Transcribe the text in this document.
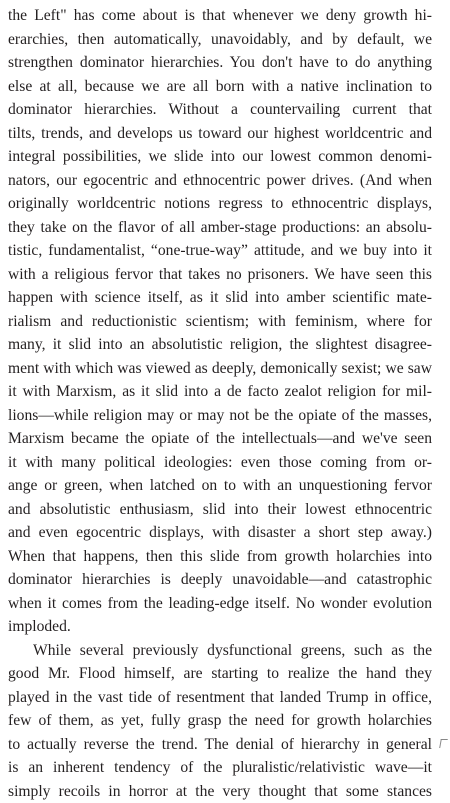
the Left" has come about is that whenever we deny growth hi-
erarchies, then automatically, unavoidably, and by default, we
strengthen dominator hierarchies. You don't have to do anything
else at all, because we are all born with a native inclination to
dominator hierarchies. Without a countervailing current that
tilts, trends, and develops us toward our highest worldcentric and
integral possibilities, we slide into our lowest common denomi-
nators, our egocentric and ethnocentric power drives. (And when
originally worldcentric notions regress to ethnocentric displays,
they take on the flavor of all amber-stage productions: an absolu-
tistic, fundamentalist, “one-true-way” attitude, and we buy into it
with a religious fervor that takes no prisoners. We have seen this
happen with science itself, as it slid into amber scientific mate-
rialism and reductionistic scientism; with feminism, where for
many, it slid into an absolutistic religion, the slightest disagree-
ment with which was viewed as deeply, demonically sexist; we saw
it with Marxism, as it slid into a de facto zealot religion for mil-
lions—while religion may or may not be the opiate of the masses,
Marxism became the opiate of the intellectuals—and we've seen
it with many political ideologies: even those coming from or-
ange or green, when latched on to with an unquestioning fervor
and absolutistic enthusiasm, slid into their lowest ethnocentric
and even egocentric displays, with disaster a short step away.)
When that happens, then this slide from growth holarchies into
dominator hierarchies is deeply unavoidable—and catastrophic
when it comes from the leading-edge itself. No wonder evolution
imploded.
While several previously dysfunctional greens, such as the
good Mr. Flood himself, are starting to realize the hand they
played in the vast tide of resentment that landed Trump in office,
few of them, as yet, fully grasp the need for growth holarchies
to actually reverse the trend. The denial of hierarchy in general
is an inherent tendency of the pluralistic/relativistic wave—it
simply recoils in horror at the very thought that some stances
